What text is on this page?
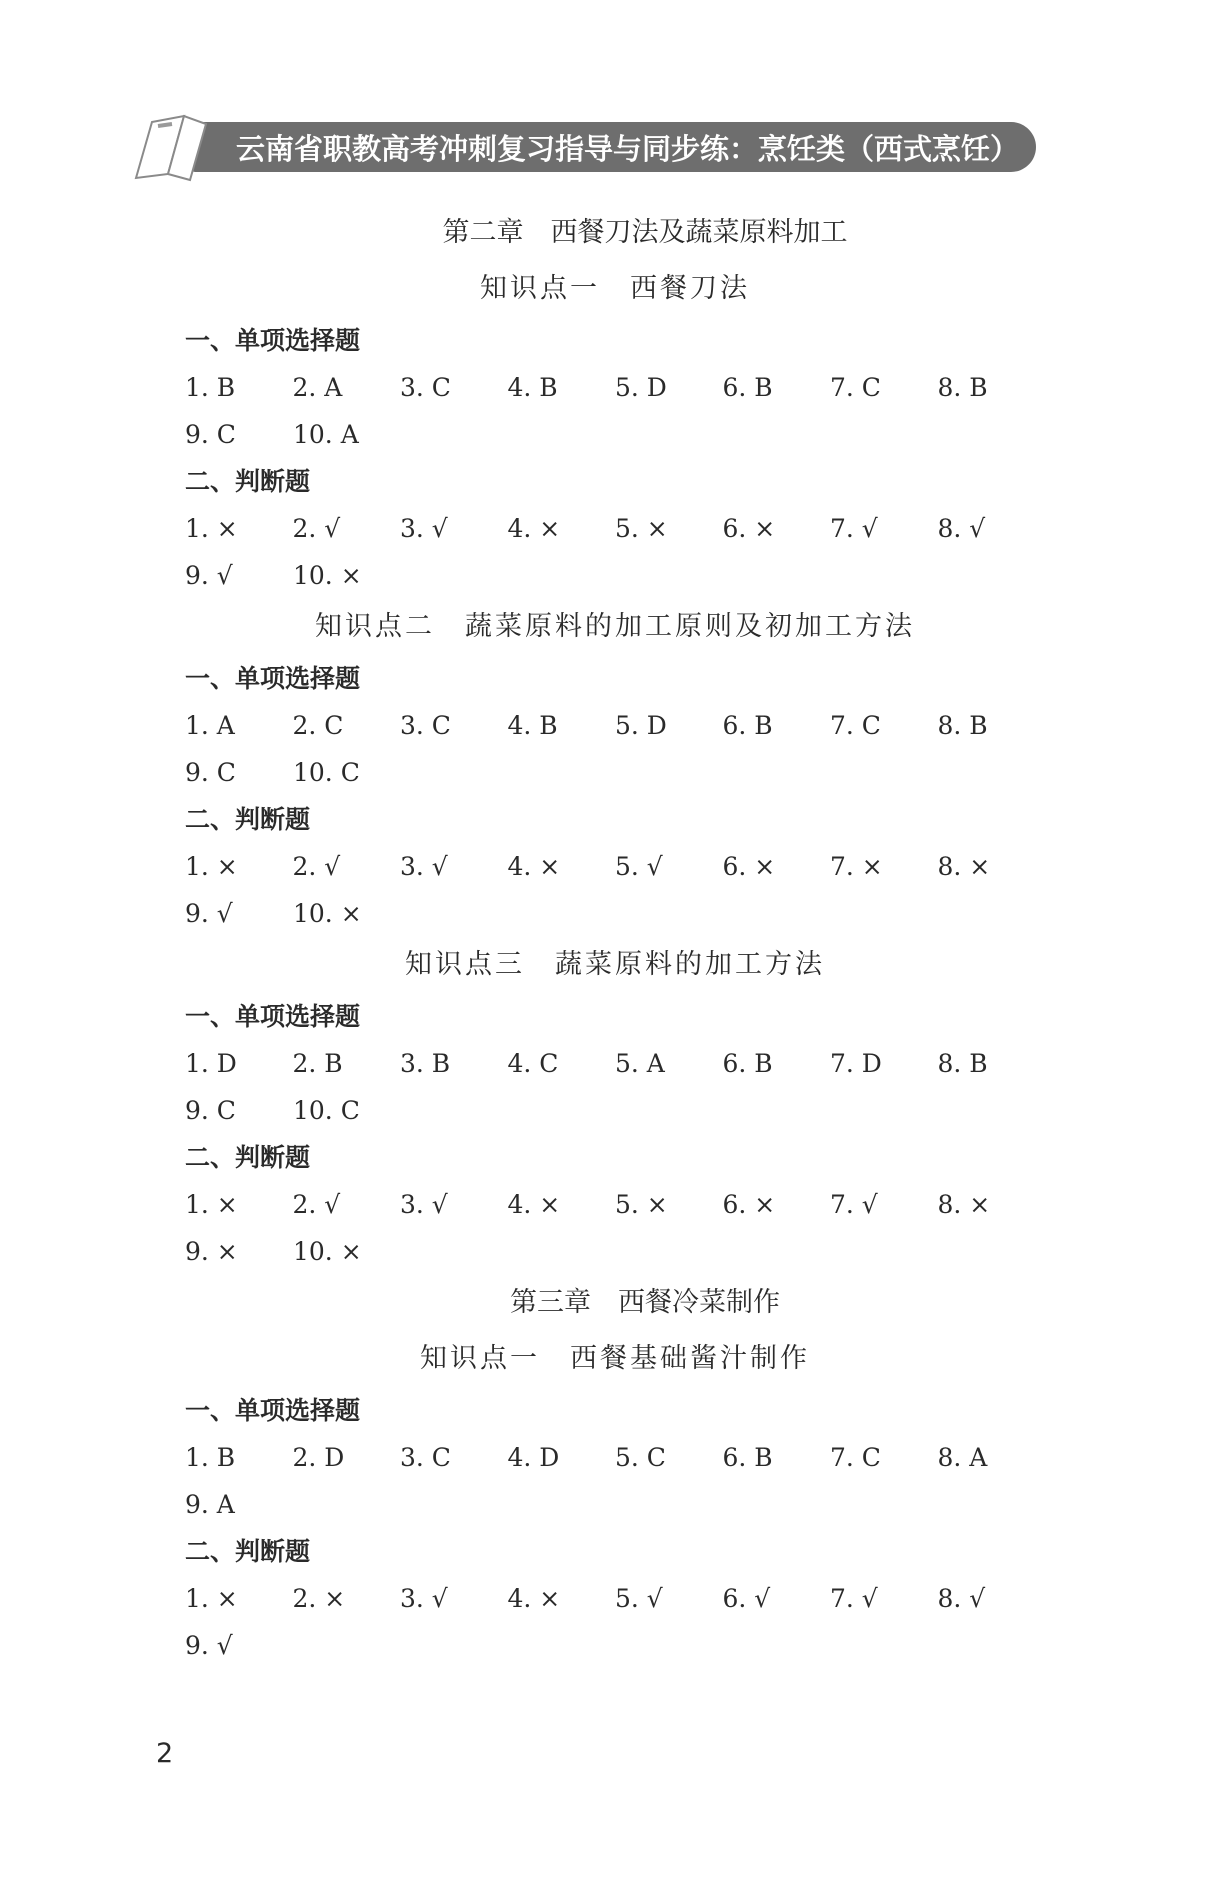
云南省职教高考冲刺复习指导与同步练：烹饪类（西式烹饪）
第二章　西餐刀法及蔬菜原料加工
知识点一　西餐刀法
一、单项选择题
1. B	2. A	3. C	4. B	5. D	6. B	7. C	8. B
9. C	10. A
二、判断题
1. ×	2. √	3. √	4. ×	5. ×	6. ×	7. √	8. √
9. √	10. ×
知识点二　蔬菜原料的加工原则及初加工方法
一、单项选择题
1. A	2. C	3. C	4. B	5. D	6. B	7. C	8. B
9. C	10. C
二、判断题
1. ×	2. √	3. √	4. ×	5. √	6. ×	7. ×	8. ×
9. √	10. ×
知识点三　蔬菜原料的加工方法
一、单项选择题
1. D	2. B	3. B	4. C	5. A	6. B	7. D	8. B
9. C	10. C
二、判断题
1. ×	2. √	3. √	4. ×	5. ×	6. ×	7. √	8. ×
9. ×	10. ×
第三章　西餐冷菜制作
知识点一　西餐基础酱汁制作
一、单项选择题
1. B	2. D	3. C	4. D	5. C	6. B	7. C	8. A
9. A
二、判断题
1. ×	2. ×	3. √	4. ×	5. √	6. √	7. √	8. √
9. √
2
